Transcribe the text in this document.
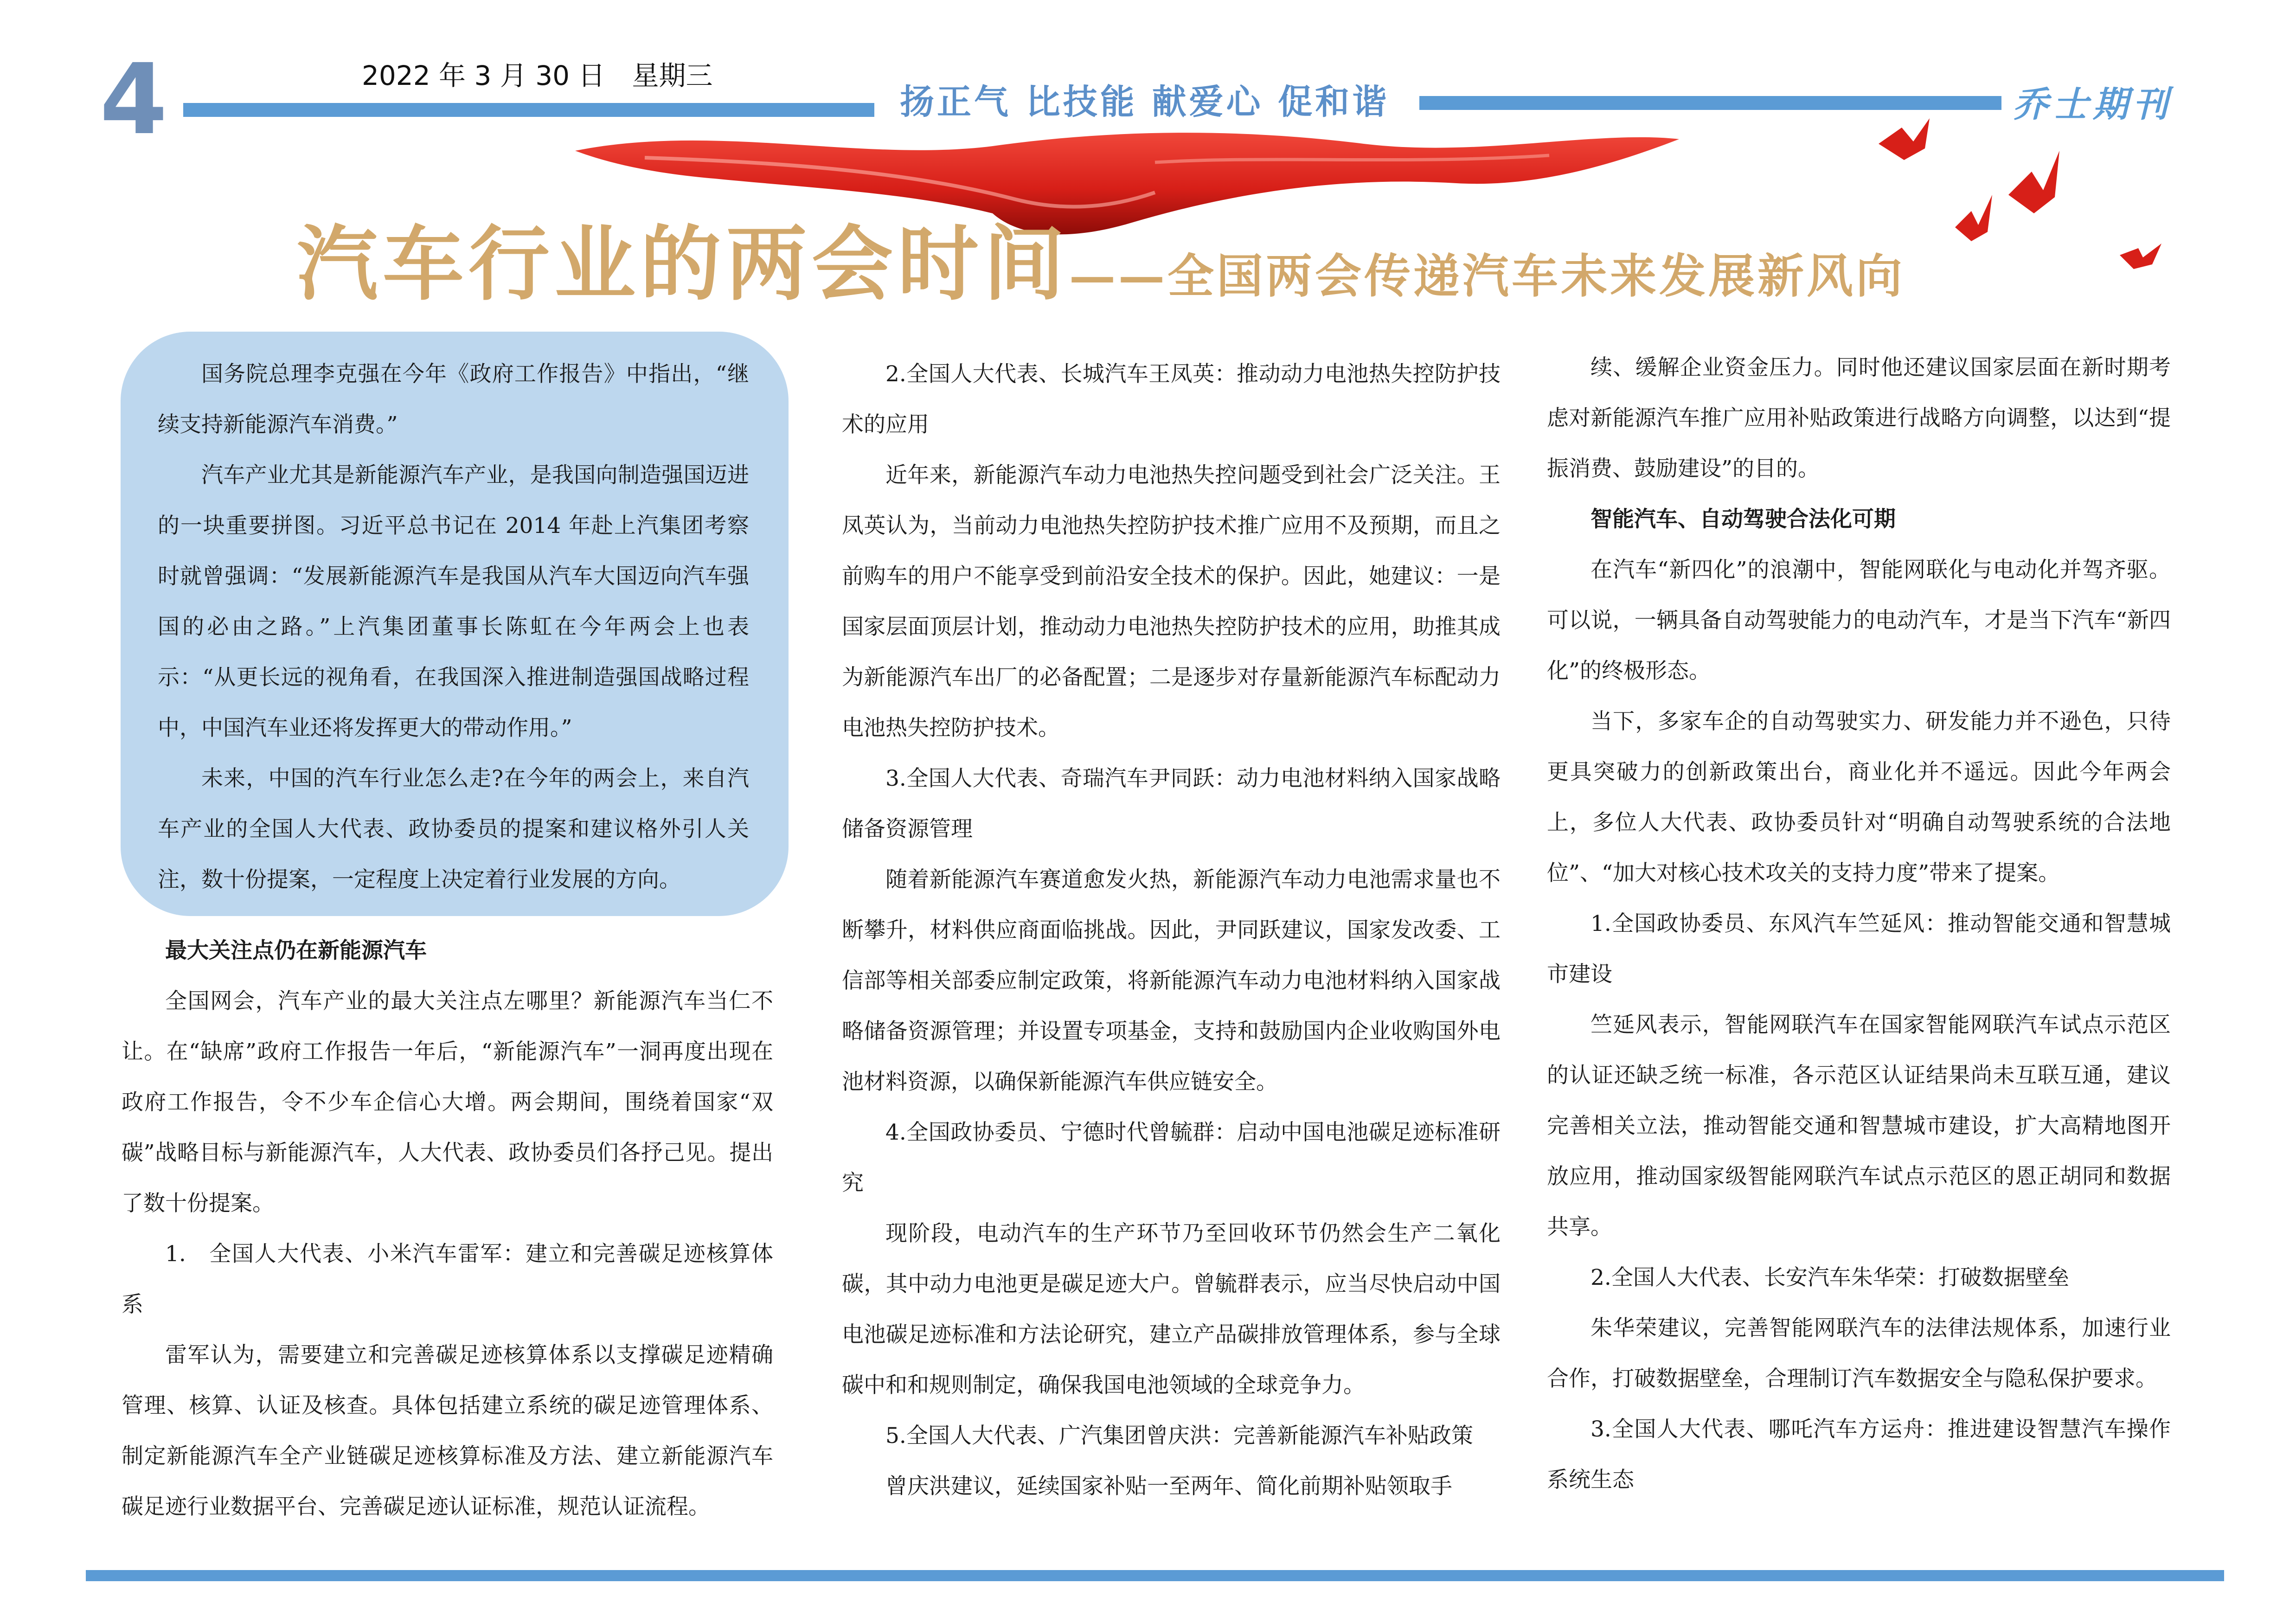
4	2022 年 3 月 30 日　星期三
扬正气 比技能 献爱心 促和谐	乔士期刊
汽车行业的两会时间——全国两会传递汽车未来发展新风向

国务院总理李克强在今年《政府工作报告》中指出，“继续支持新能源汽车消费。”

汽车产业尤其是新能源汽车产业，是我国向制造强国迈进的一块重要拼图。习近平总书记在 2014 年赴上汽集团考察时就曾强调：“发展新能源汽车是我国从汽车大国迈向汽车强国的必由之路。”上汽集团董事长陈虹在今年两会上也表示：“从更长远的视角看，在我国深入推进制造强国战略过程中，中国汽车业还将发挥更大的带动作用。”

未来，中国的汽车行业怎么走?在今年的两会上，来自汽车产业的全国人大代表、政协委员的提案和建议格外引人关注，数十份提案，一定程度上决定着行业发展的方向。

最大关注点仍在新能源汽车

全国网会，汽车产业的最大关注点左哪里？新能源汽车当仁不让。在“缺席”政府工作报告一年后，“新能源汽车”一洞再度出现在政府工作报告，令不少车企信心大增。两会期间，围绕着国家“双碳”战略目标与新能源汽车，人大代表、政协委员们各抒己见。提出了数十份提案。

1.　全国人大代表、小米汽车雷军：建立和完善碳足迹核算体系

雷军认为，需要建立和完善碳足迹核算体系以支撑碳足迹精确管理、核算、认证及核查。具体包括建立系统的碳足迹管理体系、制定新能源汽车全产业链碳足迹核算标准及方法、建立新能源汽车碳足迹行业数据平台、完善碳足迹认证标准，规范认证流程。

2.全国人大代表、长城汽车王凤英：推动动力电池热失控防护技术的应用

近年来，新能源汽车动力电池热失控问题受到社会广泛关注。王凤英认为，当前动力电池热失控防护技术推广应用不及预期，而且之前购车的用户不能享受到前沿安全技术的保护。因此，她建议：一是国家层面顶层计划，推动动力电池热失控防护技术的应用，助推其成为新能源汽车出厂的必备配置；二是逐步对存量新能源汽车标配动力电池热失控防护技术。

3.全国人大代表、奇瑞汽车尹同跃：动力电池材料纳入国家战略储备资源管理

随着新能源汽车赛道愈发火热，新能源汽车动力电池需求量也不断攀升，材料供应商面临挑战。因此，尹同跃建议，国家发改委、工信部等相关部委应制定政策，将新能源汽车动力电池材料纳入国家战略储备资源管理；并设置专项基金，支持和鼓励国内企业收购国外电池材料资源，以确保新能源汽车供应链安全。

4.全国政协委员、宁德时代曾毓群：启动中国电池碳足迹标准研究

现阶段，电动汽车的生产环节乃至回收环节仍然会生产二氧化碳，其中动力电池更是碳足迹大户。曾毓群表示，应当尽快启动中国电池碳足迹标准和方法论研究，建立产品碳排放管理体系，参与全球碳中和和规则制定，确保我国电池领域的全球竞争力。

5.全国人大代表、广汽集团曾庆洪：完善新能源汽车补贴政策

曾庆洪建议，延续国家补贴一至两年、简化前期补贴领取手

续、缓解企业资金压力。同时他还建议国家层面在新时期考虑对新能源汽车推广应用补贴政策进行战略方向调整，以达到“提振消费、鼓励建设”的目的。

智能汽车、自动驾驶合法化可期

在汽车“新四化”的浪潮中，智能网联化与电动化并驾齐驱。可以说，一辆具备自动驾驶能力的电动汽车，才是当下汽车“新四化”的终极形态。

当下，多家车企的自动驾驶实力、研发能力并不逊色，只待更具突破力的创新政策出台，商业化并不遥远。因此今年两会上，多位人大代表、政协委员针对“明确自动驾驶系统的合法地位”、“加大对核心技术攻关的支持力度”带来了提案。

1.全国政协委员、东风汽车竺延风：推动智能交通和智慧城市建设

竺延风表示，智能网联汽车在国家智能网联汽车试点示范区的认证还缺乏统一标准，各示范区认证结果尚未互联互通，建议完善相关立法，推动智能交通和智慧城市建设，扩大高精地图开放应用，推动国家级智能网联汽车试点示范区的恩正胡同和数据共享。

2.全国人大代表、长安汽车朱华荣：打破数据壁垒

朱华荣建议，完善智能网联汽车的法律法规体系，加速行业合作，打破数据壁垒，合理制订汽车数据安全与隐私保护要求。

3.全国人大代表、哪吒汽车方运舟：推进建设智慧汽车操作系统生态
